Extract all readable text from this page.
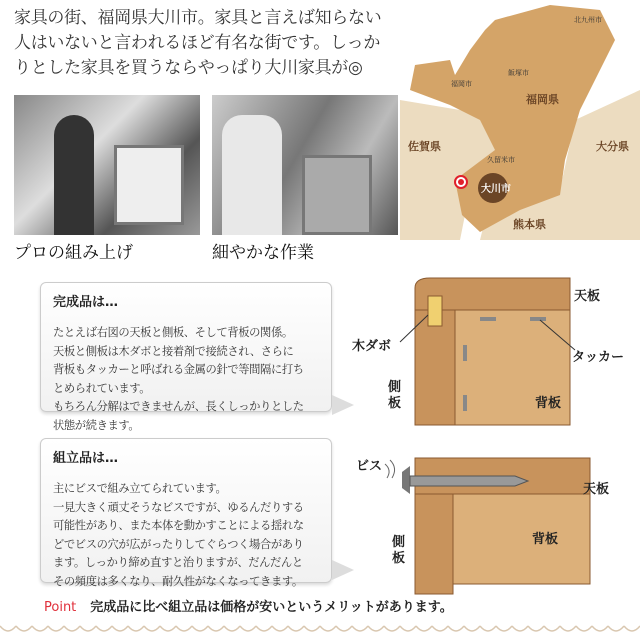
家具の街、福岡県大川市。家具と言えば知らない
人はいないと言われるほど有名な街です。しっか
りとした家具を買うならやっぱり大川家具が◎
プロの組み上げ	細やかな作業
北九州市
飯塚市
福岡市
福岡県
佐賀県	大分県
久留米市
大川市
熊本県
完成品は…

たとえば右図の天板と側板、そして背板の関係。

天板と側板は木ダボと接着剤で接続され、さらに

背板もタッカーと呼ばれる金属の針で等間隔に打ち

とめられています。

もちろん分解はできませんが、長くしっかりとした

状態が続きます。

組立品は…

主にビスで組み立てられています。

一見大きく頑丈そうなビスですが、ゆるんだりする

可能性があり、また本体を動かすことによる揺れな

どでビスの穴が広がったりしてぐらつく場合があり

ます。しっかり締め直すと治りますが、だんだんと

その頻度は多くなり、耐久性がなくなってきます。

天板
木ダボ
タッカー
側
板	背板
ビス
天板
側
板
背板
Point 完成品に比べ組立品は価格が安いというメリットがあります。
